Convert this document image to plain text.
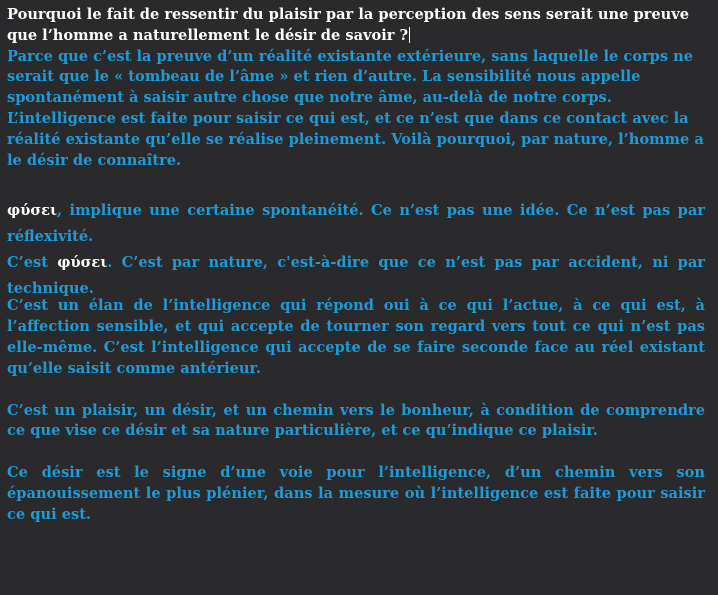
Pourquoi le fait de ressentir du plaisir par la perception des sens serait une preuve

que l’homme a naturellement le désir de savoir ?

Parce que c’est la preuve d’un réalité existante extérieure, sans laquelle le corps ne

serait que le « tombeau de l’âme » et rien d’autre. La sensibilité nous appelle

spontanément à saisir autre chose que notre âme, au-delà de notre corps.

L’intelligence est faite pour saisir ce qui est, et ce n’est que dans ce contact avec la

réalité existante qu’elle se réalise pleinement. Voilà pourquoi, par nature, l’homme a

le désir de connaître.

φύσει, implique une certaine spontanéité. Ce n’est pas une idée. Ce n’est pas par réflexivité.

C’est φύσει. C’est par nature, c'est-à-dire que ce n’est pas par accident, ni par technique.

C’est un élan de l’intelligence qui répond oui à ce qui l’actue, à ce qui est, à l’affection sensible, et qui accepte de tourner son regard vers tout ce qui n’est pas elle-même. C’est l’intelligence qui accepte de se faire seconde face au réel existant qu’elle saisit comme antérieur.

C’est un plaisir, un désir, et un chemin vers le bonheur, à condition de comprendre ce que vise ce désir et sa nature particulière, et ce qu’indique ce plaisir.

Ce désir est le signe d’une voie pour l’intelligence, d’un chemin vers son épanouissement le plus plénier, dans la mesure où l’intelligence est faite pour saisir ce qui est.
